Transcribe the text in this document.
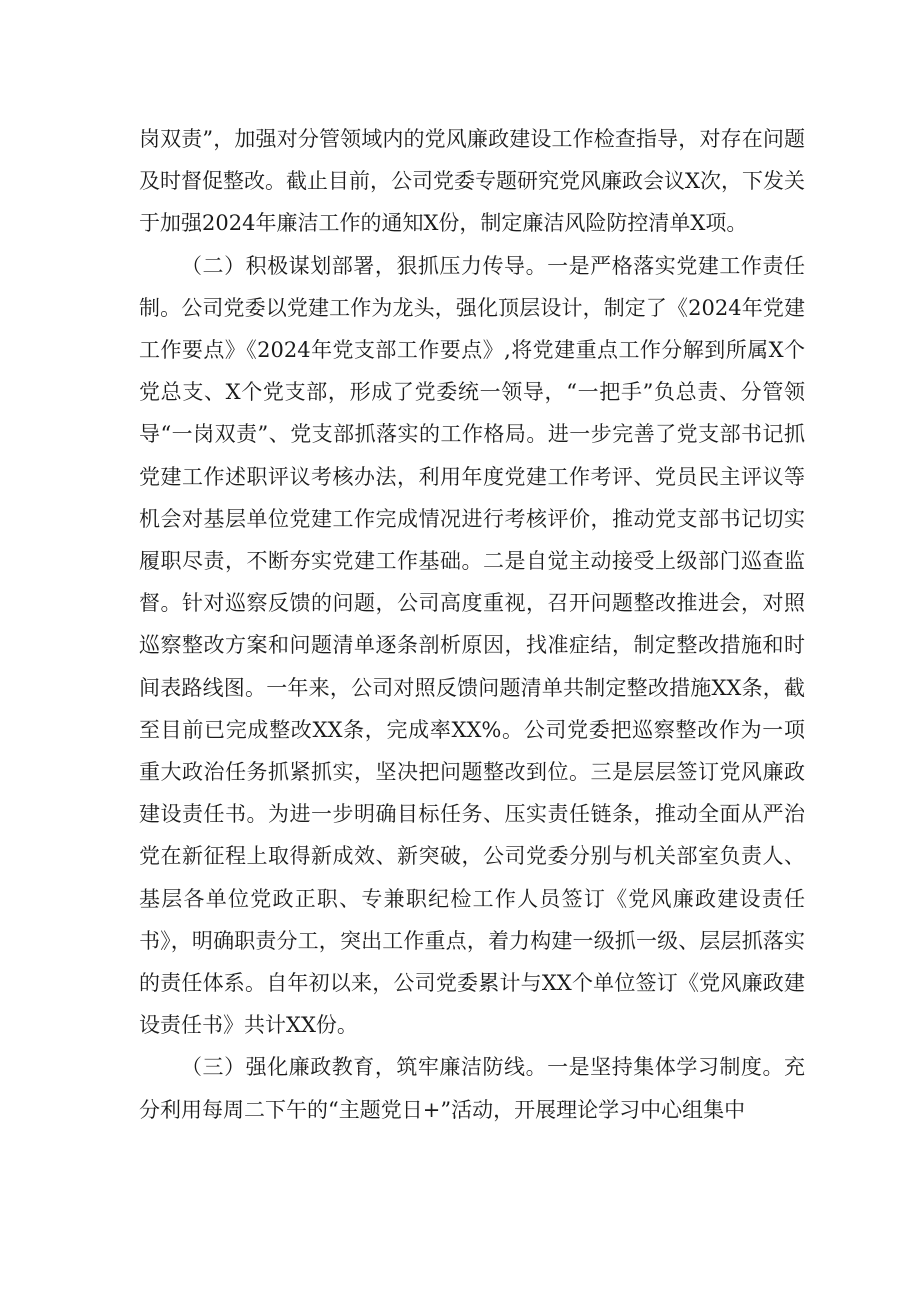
岗双责”，加强对分管领域内的党风廉政建设工作检查指导，对存在问题及时督促整改。截止目前，公司党委专题研究党风廉政会议X次，下发关于加强2024年廉洁工作的通知X份，制定廉洁风险防控清单X项。

（二）积极谋划部署，狠抓压力传导。一是严格落实党建工作责任制。公司党委以党建工作为龙头，强化顶层设计，制定了《2024年党建工作要点》《2024年党支部工作要点》,将党建重点工作分解到所属X个党总支、X个党支部，形成了党委统一领导，“一把手”负总责、分管领导“一岗双责”、党支部抓落实的工作格局。进一步完善了党支部书记抓党建工作述职评议考核办法，利用年度党建工作考评、党员民主评议等机会对基层单位党建工作完成情况进行考核评价，推动党支部书记切实履职尽责，不断夯实党建工作基础。二是自觉主动接受上级部门巡查监督。针对巡察反馈的问题，公司高度重视，召开问题整改推进会，对照巡察整改方案和问题清单逐条剖析原因，找准症结，制定整改措施和时间表路线图。一年来，公司对照反馈问题清单共制定整改措施XX条，截至目前已完成整改XX条，完成率XX%。公司党委把巡察整改作为一项重大政治任务抓紧抓实，坚决把问题整改到位。三是层层签订党风廉政建设责任书。为进一步明确目标任务、压实责任链条，推动全面从严治党在新征程上取得新成效、新突破，公司党委分别与机关部室负责人、基层各单位党政正职、专兼职纪检工作人员签订《党风廉政建设责任书》，明确职责分工，突出工作重点，着力构建一级抓一级、层层抓落实的责任体系。自年初以来，公司党委累计与XX个单位签订《党风廉政建设责任书》共计XX份。

（三）强化廉政教育，筑牢廉洁防线。一是坚持集体学习制度。充分利用每周二下午的“主题党日+”活动，开展理论学习中心组集中
